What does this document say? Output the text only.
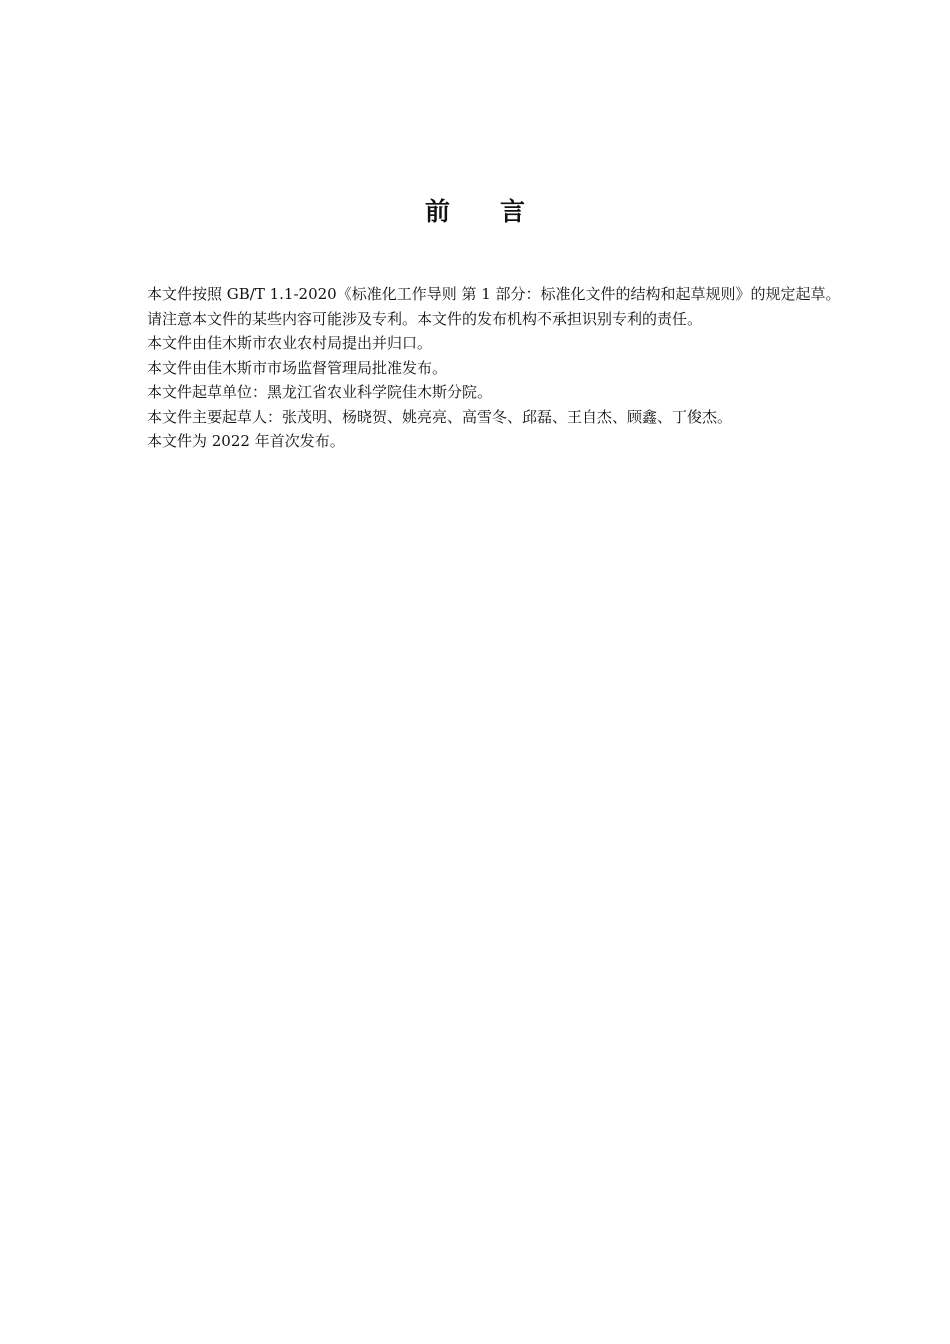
前言

本文件按照 GB/T 1.1-2020《标准化工作导则 第 1 部分：标准化文件的结构和起草规则》的规定起草。

请注意本文件的某些内容可能涉及专利。本文件的发布机构不承担识别专利的责任。

本文件由佳木斯市农业农村局提出并归口。

本文件由佳木斯市市场监督管理局批准发布。

本文件起草单位：黑龙江省农业科学院佳木斯分院。

本文件主要起草人：张茂明、杨晓贺、姚亮亮、高雪冬、邱磊、王自杰、顾鑫、丁俊杰。

本文件为 2022 年首次发布。
